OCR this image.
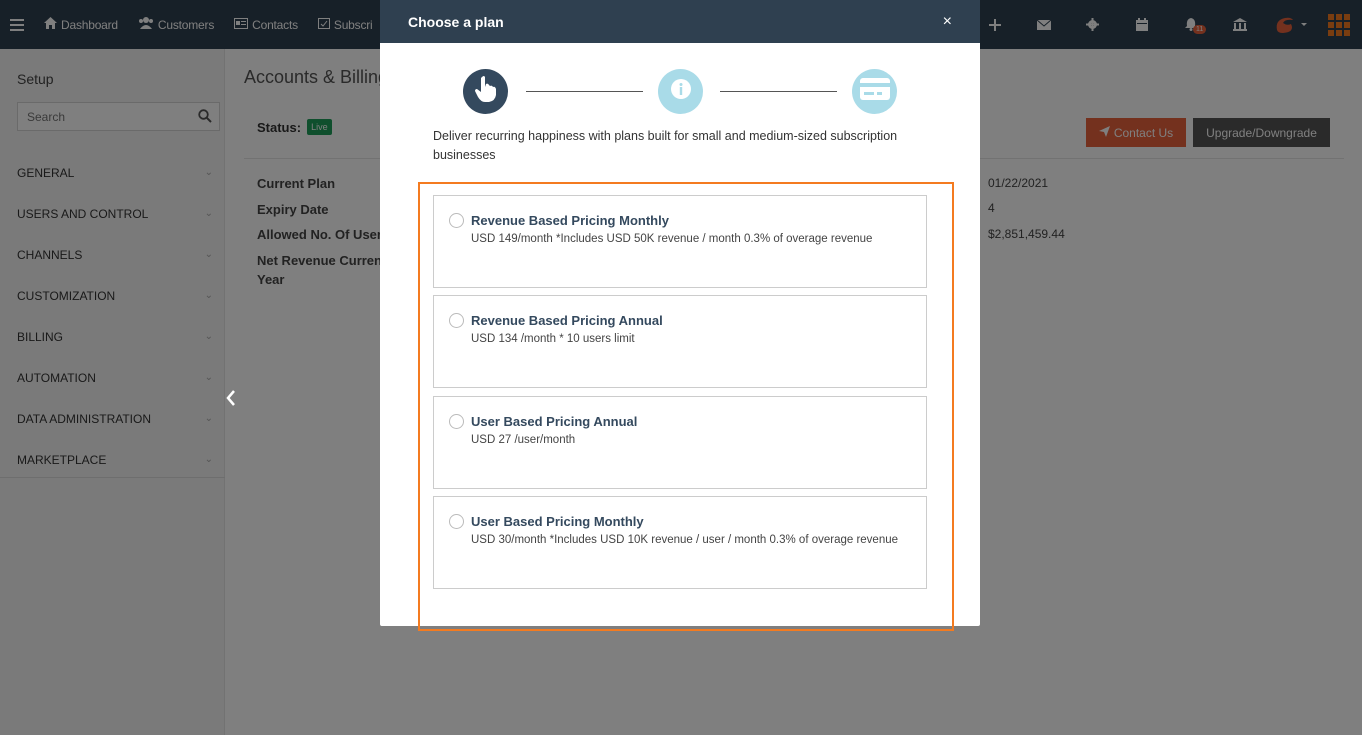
Search
Choose a plan	×
Deliver recurring happiness with plans built for small and medium-sized subscription businesses
Revenue Based Pricing Monthly
USD 149/month *Includes USD 50K revenue / month 0.3% of overage revenue
Revenue Based Pricing Annual
USD 134 /month * 10 users limit
User Based Pricing Annual
USD 27 /user/month
User Based Pricing Monthly
USD 30/month *Includes USD 10K revenue / user / month 0.3% of overage revenue
